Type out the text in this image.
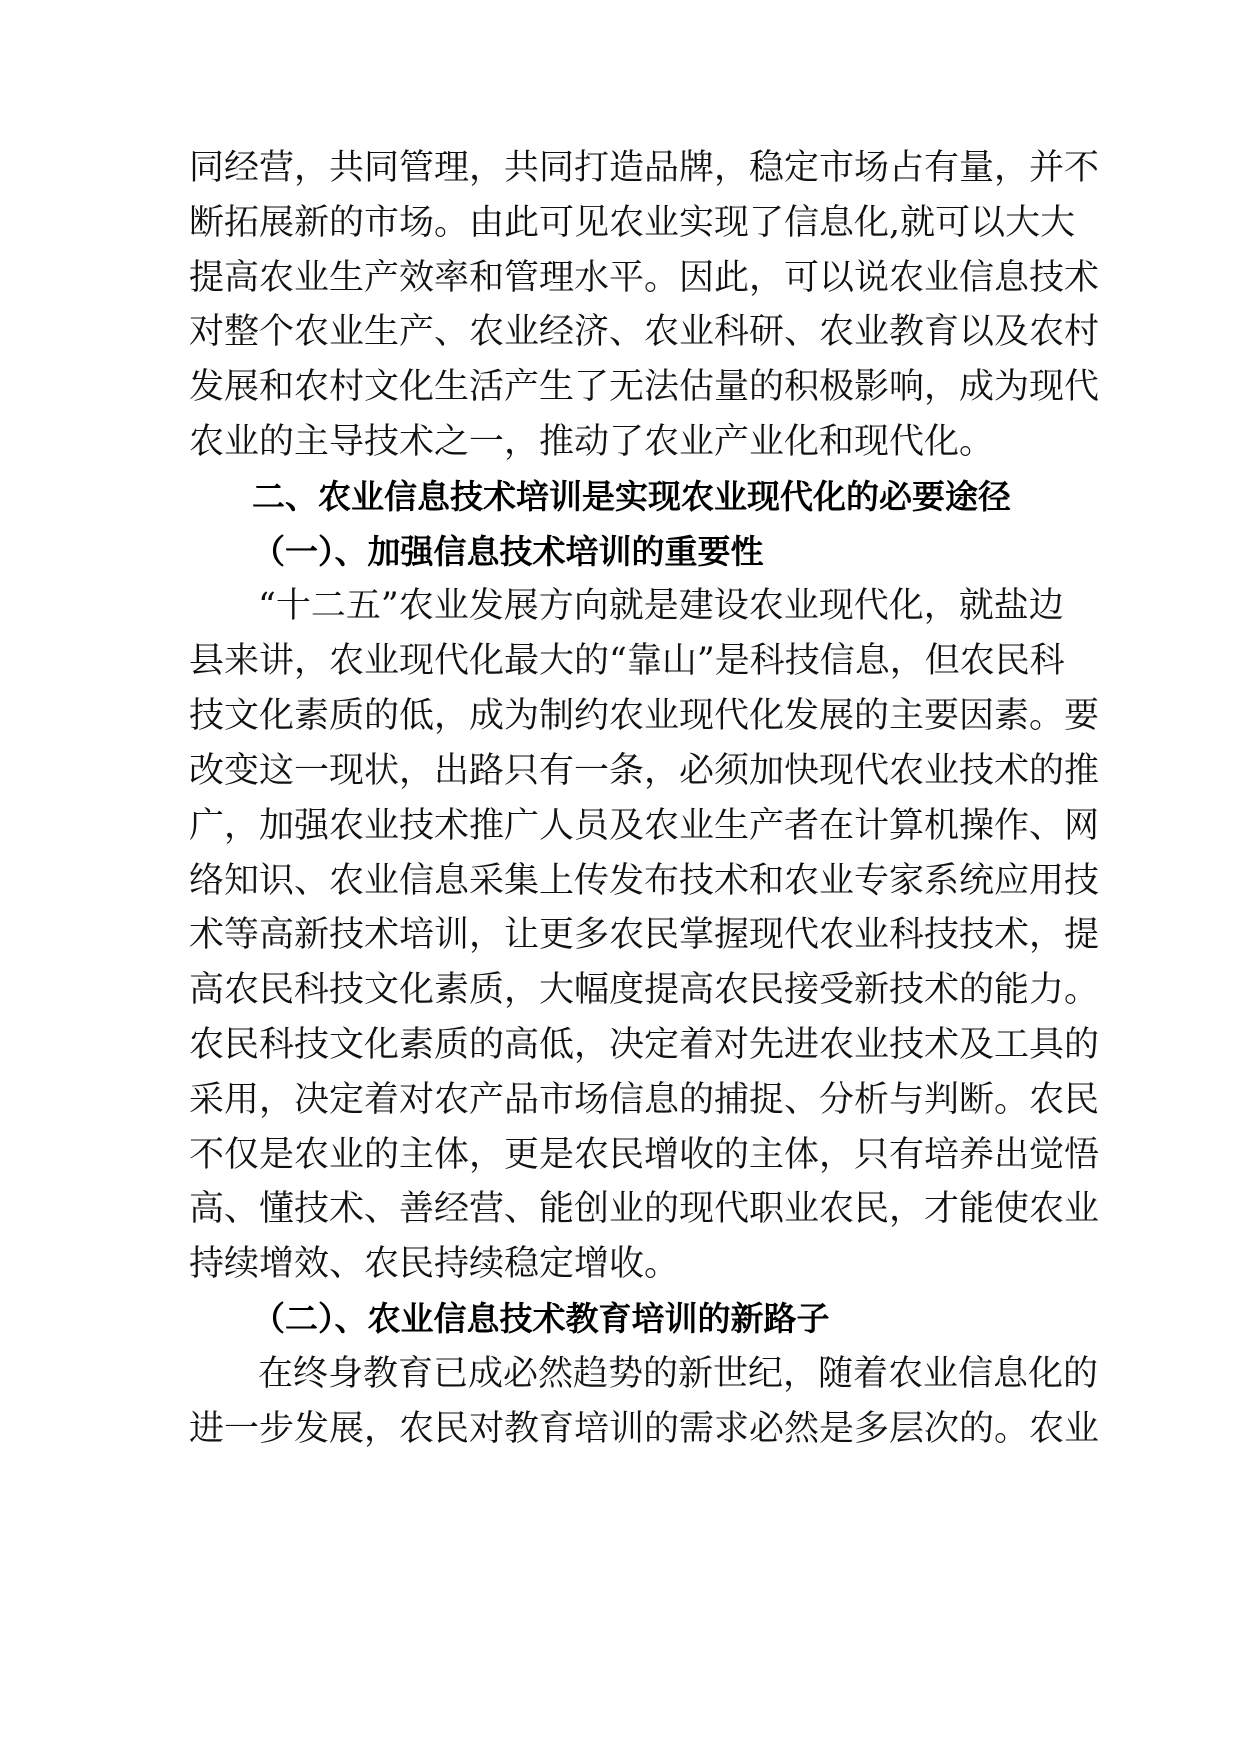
同经营，共同管理，共同打造品牌，稳定市场占有量，并不
断拓展新的市场。由此可见农业实现了信息化,就可以大大
提高农业生产效率和管理水平。因此，可以说农业信息技术
对整个农业生产、农业经济、农业科研、农业教育以及农村
发展和农村文化生活产生了无法估量的积极影响，成为现代
农业的主导技术之一，推动了农业产业化和现代化。
二、农业信息技术培训是实现农业现代化的必要途径
（一）、加强信息技术培训的重要性
“十二五”农业发展方向就是建设农业现代化，就盐边
县来讲，农业现代化最大的“靠山”是科技信息，但农民科
技文化素质的低，成为制约农业现代化发展的主要因素。要
改变这一现状，出路只有一条，必须加快现代农业技术的推
广，加强农业技术推广人员及农业生产者在计算机操作、网
络知识、农业信息采集上传发布技术和农业专家系统应用技
术等高新技术培训，让更多农民掌握现代农业科技技术，提
高农民科技文化素质，大幅度提高农民接受新技术的能力。
农民科技文化素质的高低，决定着对先进农业技术及工具的
采用，决定着对农产品市场信息的捕捉、分析与判断。农民
不仅是农业的主体，更是农民增收的主体，只有培养出觉悟
高、懂技术、善经营、能创业的现代职业农民，才能使农业
持续增效、农民持续稳定增收。
（二）、农业信息技术教育培训的新路子
在终身教育已成必然趋势的新世纪，随着农业信息化的
进一步发展，农民对教育培训的需求必然是多层次的。农业
